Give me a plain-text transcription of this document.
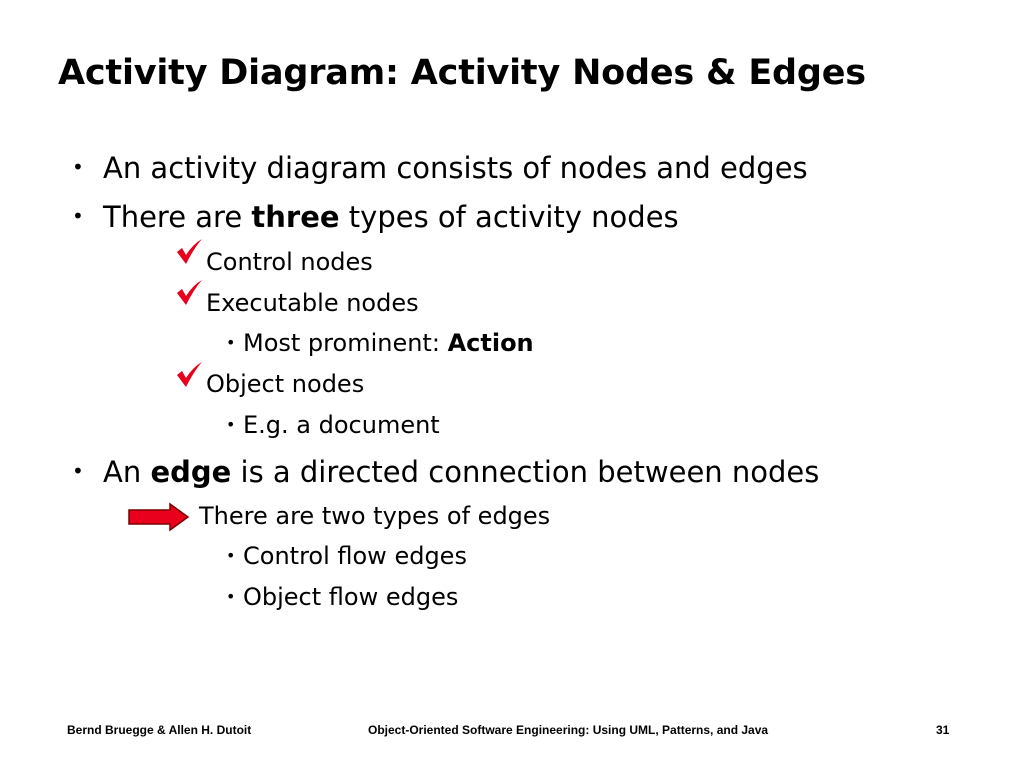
Activity Diagram: Activity Nodes & Edges
• An activity diagram consists of nodes and edges
• There are three types of activity nodes
Control nodes
Executable nodes
• Most prominent: Action
Object nodes
• E.g. a document
• An edge is a directed connection between nodes
There are two types of edges
• Control flow edges
• Object flow edges
Bernd Bruegge & Allen H. Dutoit	Object-Oriented Software Engineering: Using UML, Patterns, and Java	31
